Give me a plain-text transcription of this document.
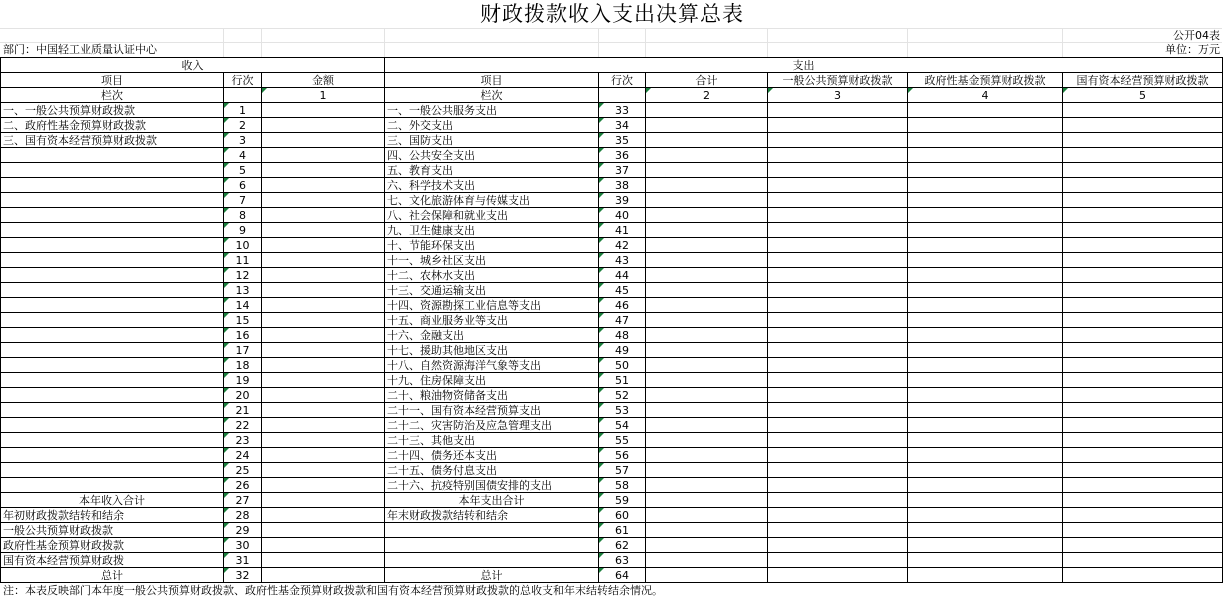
财政拨款收入支出决算总表
公开04表
部门：中国轻工业质量认证中心	单位：万元
收入			支出					
项目	行次	金额	项目	行次	合计	一般公共预算财政拨款	政府性基金预算财政拨款	国有资本经营预算财政拨款
栏次		1	栏次		2	3	4	5
一、一般公共预算财政拨款	1		一、一般公共服务支出	33				
二、政府性基金预算财政拨款	2		二、外交支出	34				
三、国有资本经营预算财政拨款	3		三、国防支出	35				
	4		四、公共安全支出	36				
	5		五、教育支出	37				
	6		六、科学技术支出	38				
	7		七、文化旅游体育与传媒支出	39				
	8		八、社会保障和就业支出	40				
	9		九、卫生健康支出	41				
	10		十、节能环保支出	42				
	11		十一、城乡社区支出	43				
	12		十二、农林水支出	44				
	13		十三、交通运输支出	45				
	14		十四、资源勘探工业信息等支出	46				
	15		十五、商业服务业等支出	47				
	16		十六、金融支出	48				
	17		十七、援助其他地区支出	49				
	18		十八、自然资源海洋气象等支出	50				
	19		十九、住房保障支出	51				
	20		二十、粮油物资储备支出	52				
	21		二十一、国有资本经营预算支出	53				
	22		二十二、灾害防治及应急管理支出	54				
	23		二十三、其他支出	55				
	24		二十四、债务还本支出	56				
	25		二十五、债务付息支出	57				
	26		二十六、抗疫特别国债安排的支出	58				
本年收入合计	27		本年支出合计	59				
年初财政拨款结转和结余	28		年末财政拨款结转和结余	60				
一般公共预算财政拨款	29			61				
政府性基金预算财政拨款	30			62				
国有资本经营预算财政拨	31			63				
总计	32		总计	64				
注：本表反映部门本年度一般公共预算财政拨款、政府性基金预算财政拨款和国有资本经营预算财政拨款的总收支和年末结转结余情况。
